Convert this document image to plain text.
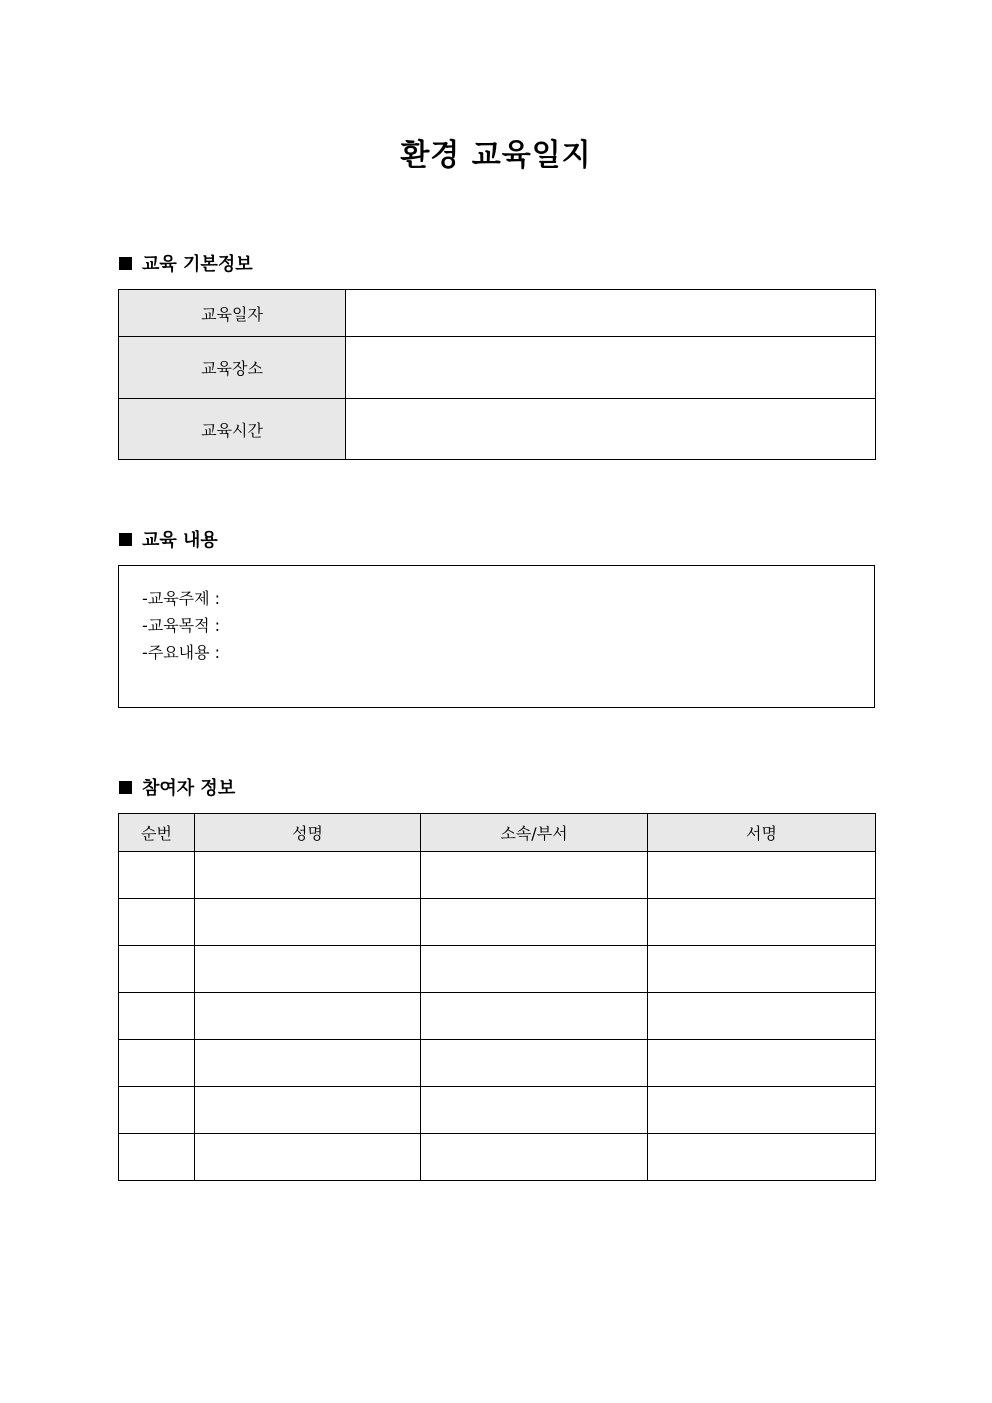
환경 교육일지
교육 기본정보
교육일자	
교육장소	
교육시간	
교육 내용
-교육주제 :
-교육목적 :
-주요내용 :
참여자 정보
순번	성명	소속/부서	서명
